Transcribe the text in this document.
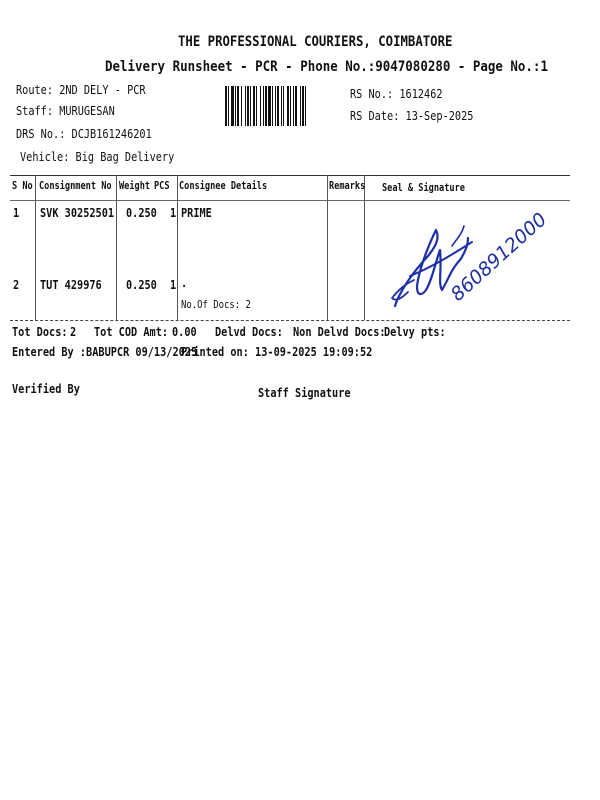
THE PROFESSIONAL COURIERS, COIMBATORE
Delivery Runsheet - PCR - Phone No.:9047080280 - Page No.:1
Route: 2ND DELY - PCR
Staff: MURUGESAN
DRS No.: DCJB161246201
Vehicle: Big Bag Delivery
RS No.: 1612462
RS Date: 13-Sep-2025
S No Consignment No Weight PCS Consignee Details	Remarks Seal & Signature
1 SVK 30252501 0.250 1 PRIME
2 TUT 429976 0.250 1 .
No.Of Docs: 2
Tot Docs: 2 Tot COD Amt: 0.00 Delvd Docs: Non Delvd Docs:
Delvy pts:
Entered By :BABUPCR 09/13/2025
Printed on: 13-09-2025 19:09:52
Verified By	Staff Signature
8608912000
